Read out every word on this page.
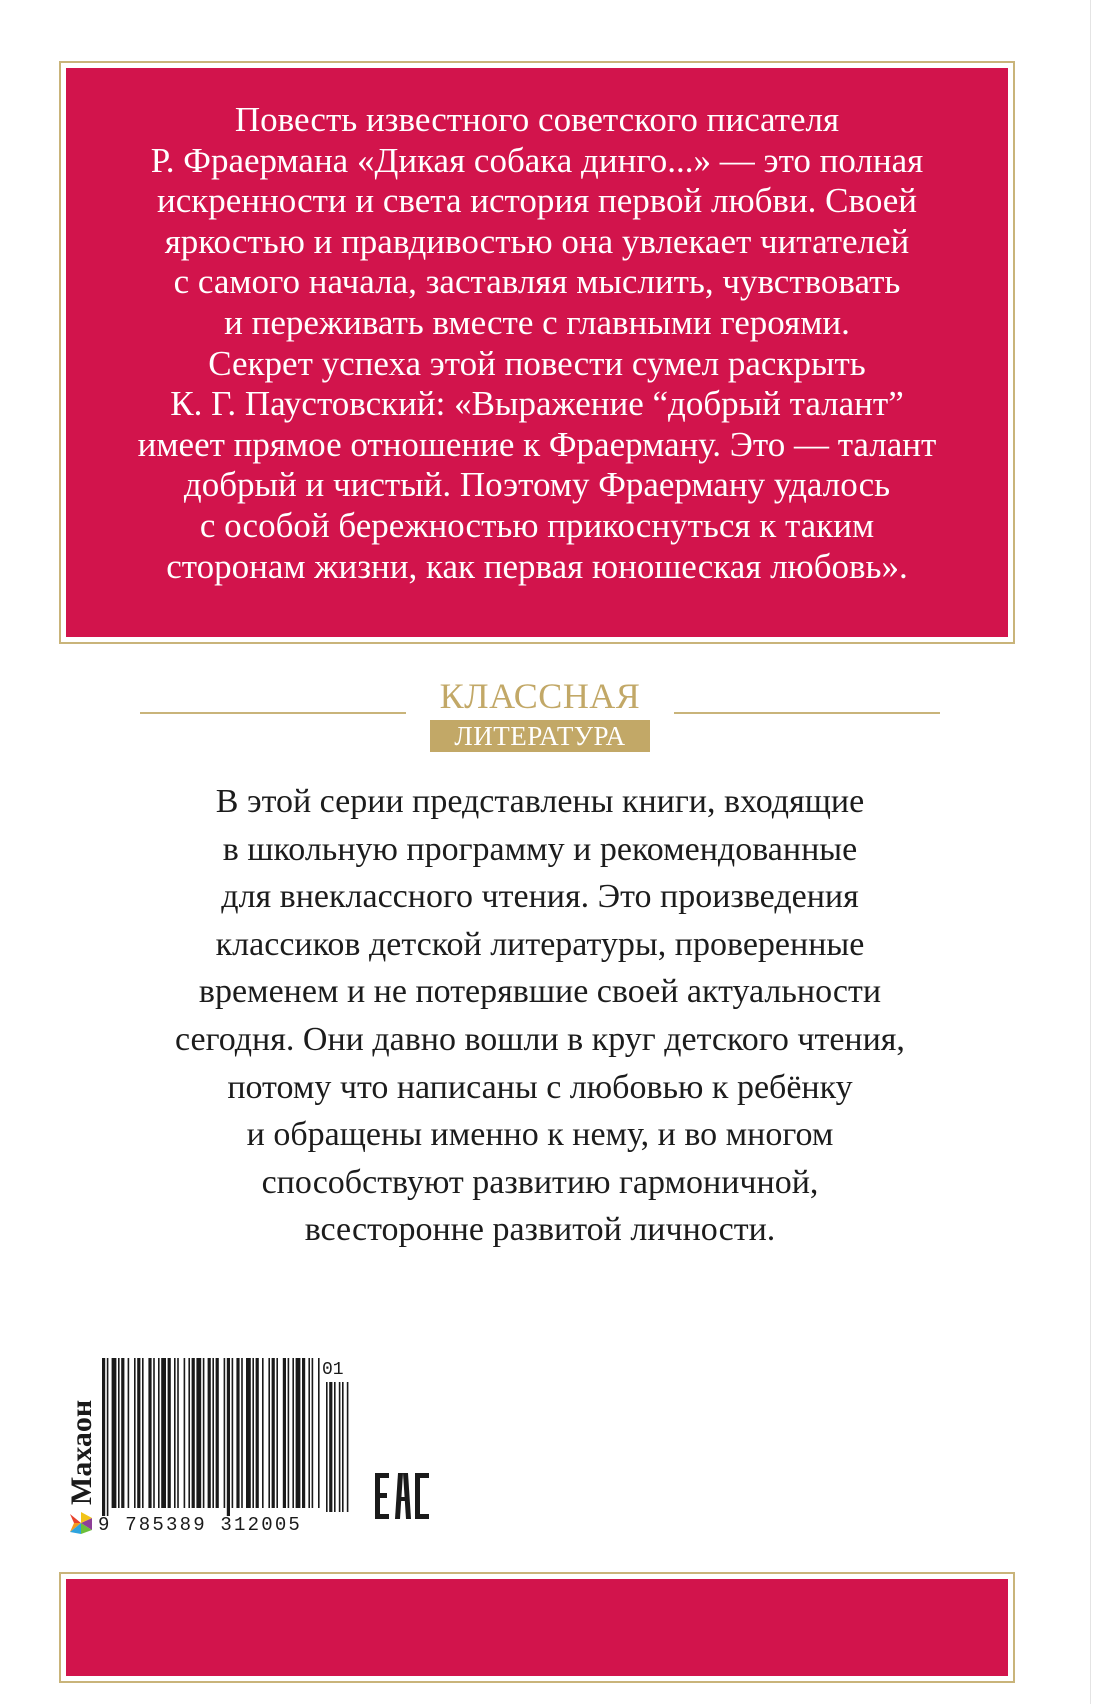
Повесть известного советского писателя
Р. Фраермана «Дикая собака динго...» — это полная
искренности и света история первой любви. Своей
яркостью и правдивостью она увлекает читателей
с самого начала, заставляя мыслить, чувствовать
и переживать вместе с главными героями.
Секрет успеха этой повести сумел раскрыть
К. Г. Паустовский: «Выражение “добрый талант”
имеет прямое отношение к Фраерману. Это — талант
добрый и чистый. Поэтому Фраерману удалось
с особой бережностью прикоснуться к таким
сторонам жизни, как первая юношеская любовь».

КЛАССНАЯ
ЛИТЕРАТУРА

В этой серии представлены книги, входящие
в школьную программу и рекомендованные
для внеклассного чтения. Это произведения
классиков детской литературы, проверенные
временем и не потерявшие своей актуальности
сегодня. Они давно вошли в круг детского чтения,
потому что написаны с любовью к ребёнку
и обращены именно к нему, и во многом
способствуют развитию гармоничной,
всесторонне развитой личности.

Махаон
9 785389 312005
01
